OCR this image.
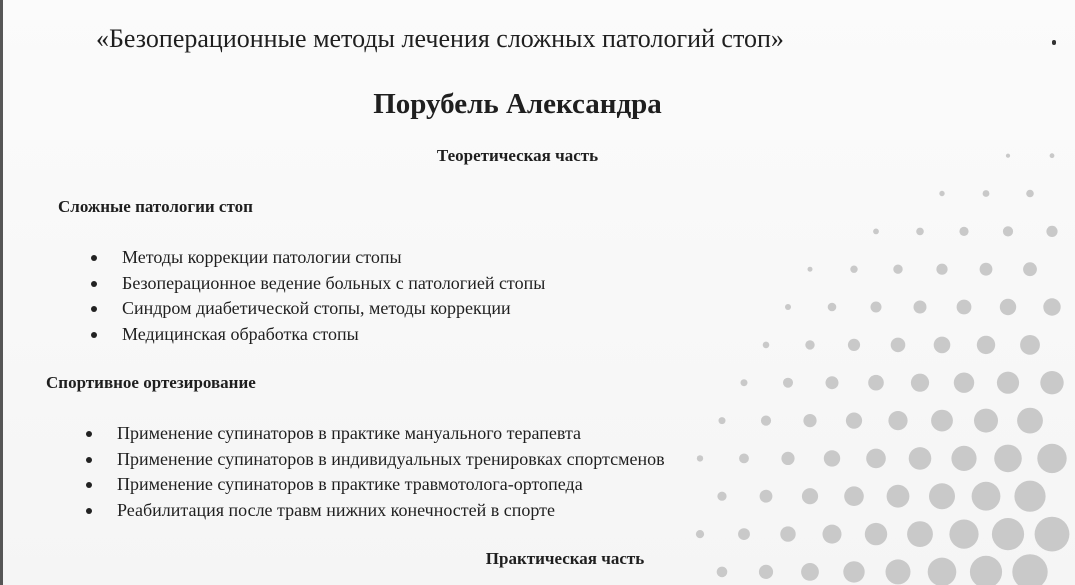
«Безоперационные методы лечения сложных патологий стоп»
Порубель Александра
Теоретическая часть
Сложные патологии стоп
Методы коррекции патологии стопы
Безоперационное ведение больных с патологией стопы
Синдром диабетической стопы, методы коррекции
Медицинская обработка стопы
Спортивное ортезирование
Применение супинаторов в практике мануального терапевта
Применение супинаторов в индивидуальных тренировках спортсменов
Применение супинаторов в практике травмотолога-ортопеда
Реабилитация после травм нижних конечностей в спорте
Практическая часть
